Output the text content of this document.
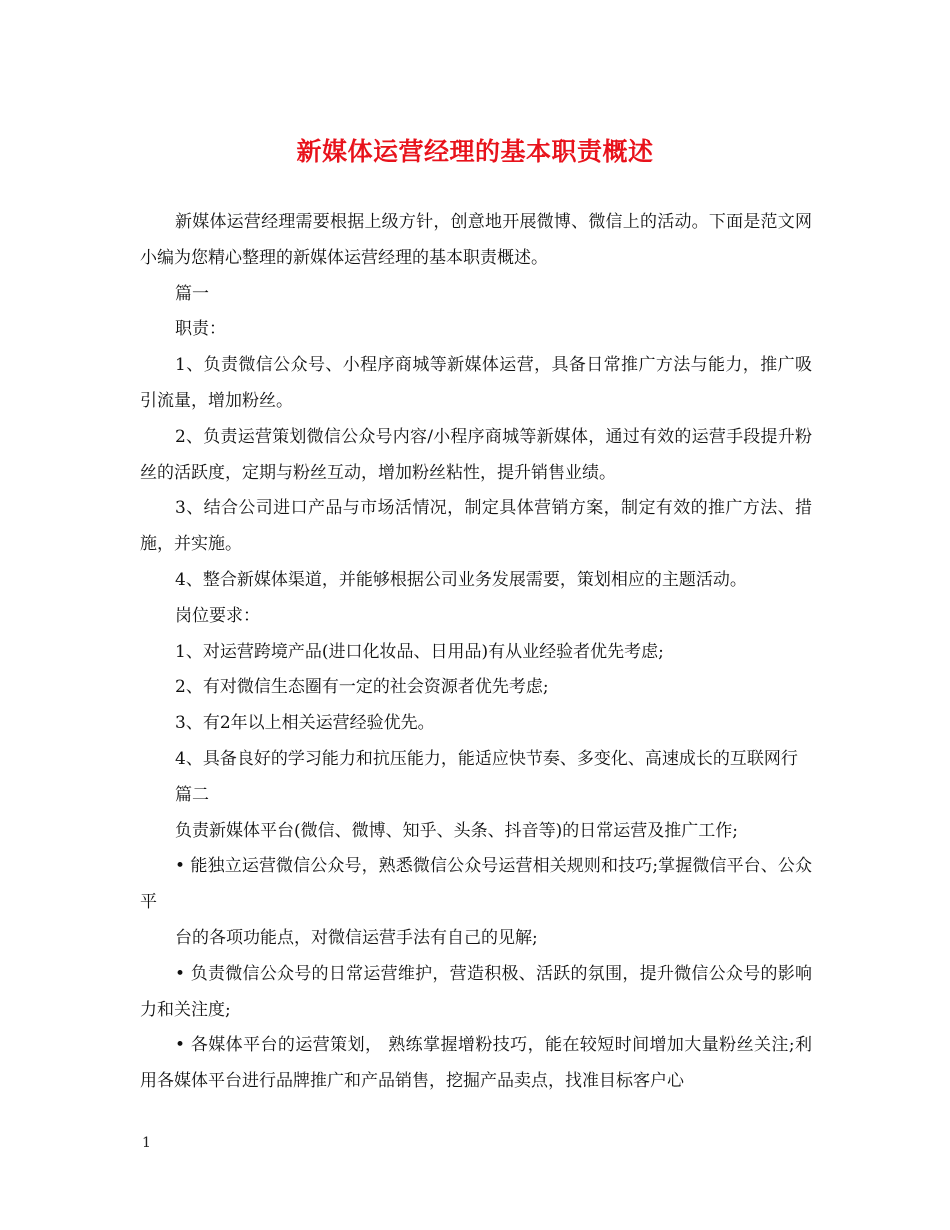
新媒体运营经理的基本职责概述

新媒体运营经理需要根据上级方针，创意地开展微博、微信上的活动。下面是范文网小编为您精心整理的新媒体运营经理的基本职责概述。

篇一

职责：

1、负责微信公众号、小程序商城等新媒体运营，具备日常推广方法与能力，推广吸引流量，增加粉丝。

2、负责运营策划微信公众号内容/小程序商城等新媒体，通过有效的运营手段提升粉丝的活跃度，定期与粉丝互动，增加粉丝粘性，提升销售业绩。

3、结合公司进口产品与市场活情况，制定具体营销方案，制定有效的推广方法、措施，并实施。

4、整合新媒体渠道，并能够根据公司业务发展需要，策划相应的主题活动。

岗位要求：

1、对运营跨境产品(进口化妆品、日用品)有从业经验者优先考虑;

2、有对微信生态圈有一定的社会资源者优先考虑;

3、有2年以上相关运营经验优先。

4、具备良好的学习能力和抗压能力，能适应快节奏、多变化、高速成长的互联网行

篇二

负责新媒体平台(微信、微博、知乎、头条、抖音等)的日常运营及推广工作;

• 能独立运营微信公众号，熟悉微信公众号运营相关规则和技巧;掌握微信平台、公众平

台的各项功能点，对微信运营手法有自己的见解;

• 负责微信公众号的日常运营维护，营造积极、活跃的氛围，提升微信公众号的影响力和关注度;

• 各媒体平台的运营策划， 熟练掌握增粉技巧，能在较短时间增加大量粉丝关注;利用各媒体平台进行品牌推广和产品销售，挖掘产品卖点，找准目标客户心

1
